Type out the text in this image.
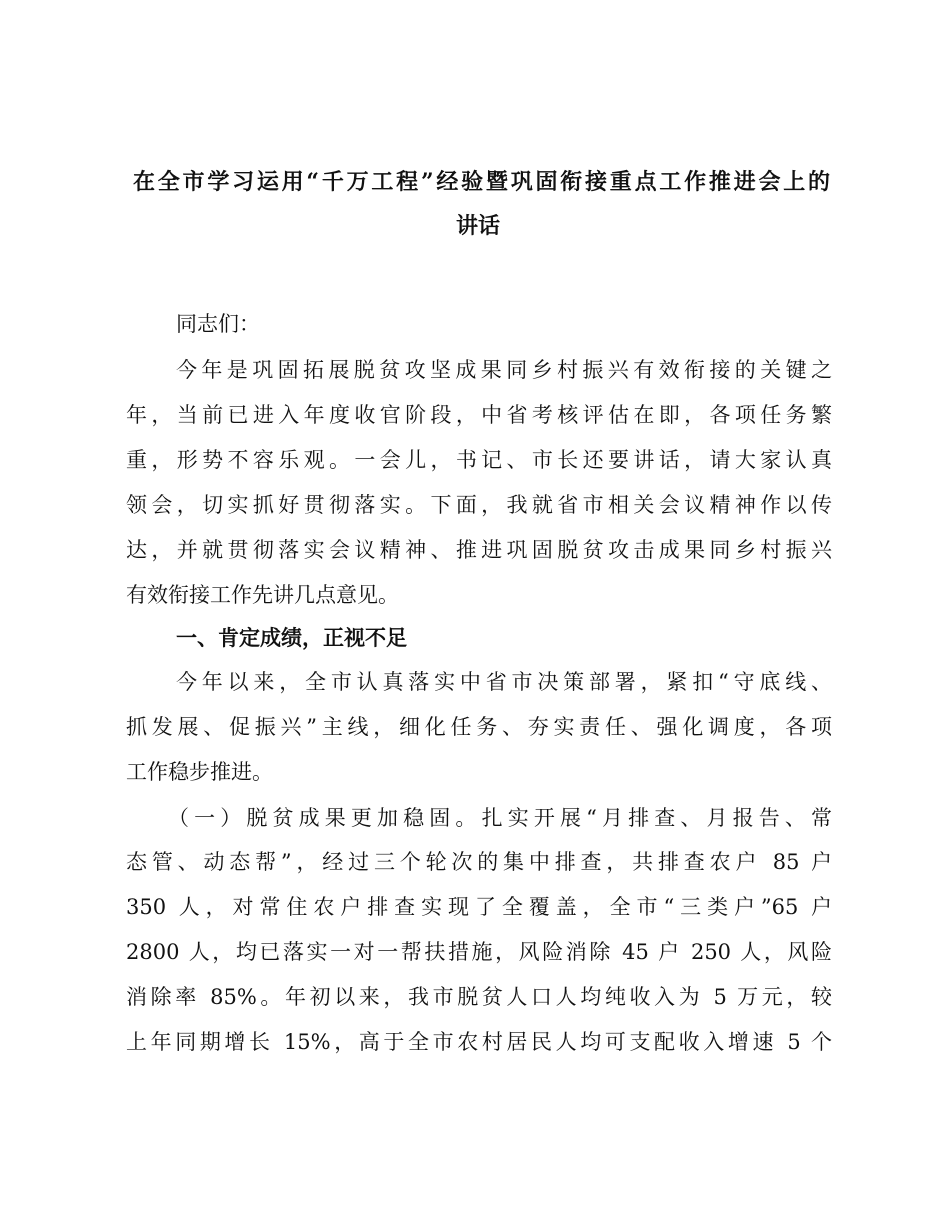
在全市学习运用“千万工程”经验暨巩固衔接重点工作推进会上的
讲话
同志们：
今年是巩固拓展脱贫攻坚成果同乡村振兴有效衔接的关键之
年，当前已进入年度收官阶段，中省考核评估在即，各项任务繁
重，形势不容乐观。一会儿，书记、市长还要讲话，请大家认真
领会，切实抓好贯彻落实。下面，我就省市相关会议精神作以传
达，并就贯彻落实会议精神、推进巩固脱贫攻击成果同乡村振兴
有效衔接工作先讲几点意见。
一、肯定成绩，正视不足
今年以来，全市认真落实中省市决策部署，紧扣“守底线、
抓发展、促振兴”主线，细化任务、夯实责任、强化调度，各项
工作稳步推进。
（一）脱贫成果更加稳固。扎实开展“月排查、月报告、常
态管、动态帮”，经过三个轮次的集中排查，共排查农户 85 户
350 人，对常住农户排查实现了全覆盖，全市“三类户”65 户
2800 人，均已落实一对一帮扶措施，风险消除 45 户 250 人，风险
消除率 85%。年初以来，我市脱贫人口人均纯收入为 5 万元，较
上年同期增长 15%，高于全市农村居民人均可支配收入增速 5 个
